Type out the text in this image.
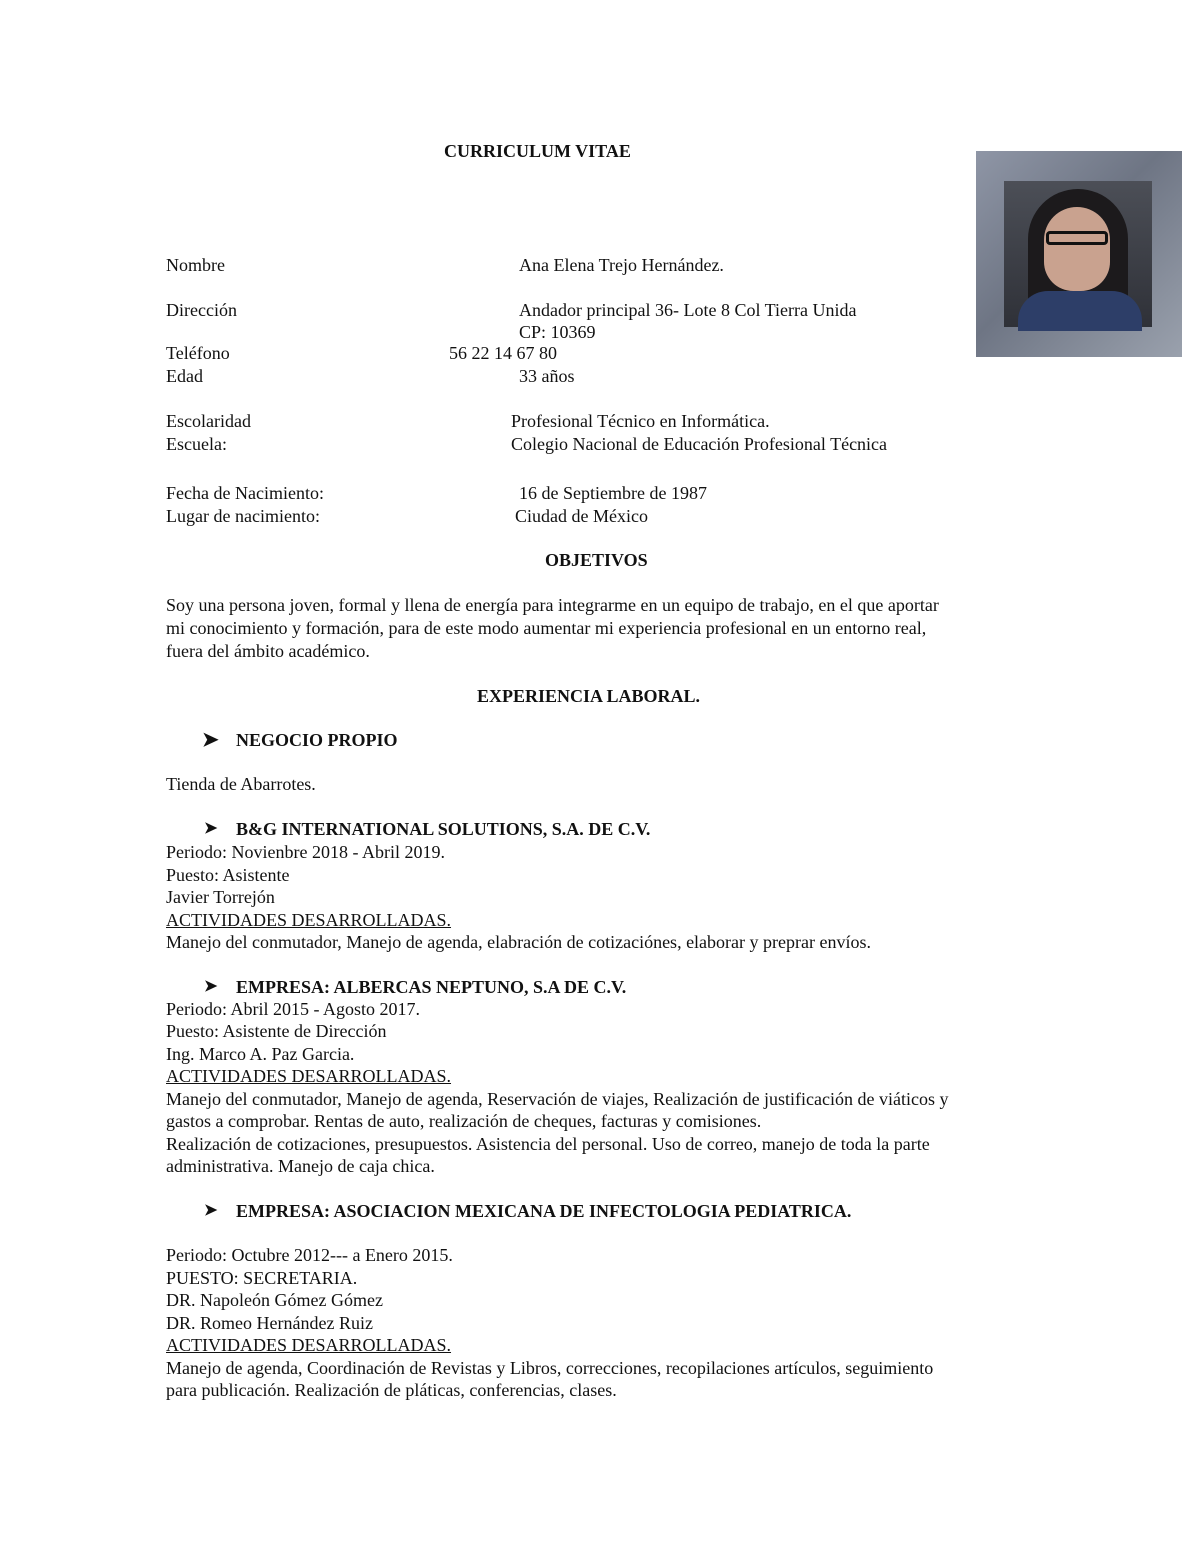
CURRICULUM VITAE
Nombre	Ana Elena Trejo Hernández.
Dirección	Andador principal 36- Lote 8 Col Tierra Unida
CP: 10369
Teléfono	56 22 14 67 80
Edad	33 años
Escolaridad	Profesional Técnico en Informática.
Escuela:	Colegio Nacional de Educación Profesional Técnica
Fecha de Nacimiento:	16 de Septiembre de 1987
Lugar de nacimiento:	Ciudad de México
OBJETIVOS
Soy una persona joven, formal y llena de energía para integrarme en un equipo de trabajo, en el que aportar
mi conocimiento y formación, para de este modo aumentar mi experiencia profesional en un entorno real,
fuera del ámbito académico.
EXPERIENCIA LABORAL.
➤ NEGOCIO PROPIO
Tienda de Abarrotes.
➤ B&G INTERNATIONAL SOLUTIONS, S.A. DE C.V.
Periodo: Novienbre 2018 - Abril 2019.
Puesto: Asistente
Javier Torrejón
ACTIVIDADES DESARROLLADAS.
Manejo del conmutador, Manejo de agenda, elabración de cotizaciónes, elaborar y preprar envíos.
➤ EMPRESA: ALBERCAS NEPTUNO, S.A DE C.V.
Periodo: Abril 2015 - Agosto 2017.
Puesto: Asistente de Dirección
Ing. Marco A. Paz Garcia.
ACTIVIDADES DESARROLLADAS.
Manejo del conmutador, Manejo de agenda, Reservación de viajes, Realización de justificación de viáticos y
gastos a comprobar. Rentas de auto, realización de cheques, facturas y comisiones.
Realización de cotizaciones, presupuestos. Asistencia del personal. Uso de correo, manejo de toda la parte
administrativa. Manejo de caja chica.
➤ EMPRESA: ASOCIACION MEXICANA DE INFECTOLOGIA PEDIATRICA.
Periodo: Octubre 2012--- a Enero 2015.
PUESTO: SECRETARIA.
DR. Napoleón Gómez Gómez
DR. Romeo Hernández Ruiz
ACTIVIDADES DESARROLLADAS.
Manejo de agenda, Coordinación de Revistas y Libros, correcciones, recopilaciones artículos, seguimiento
para publicación. Realización de pláticas, conferencias, clases.
